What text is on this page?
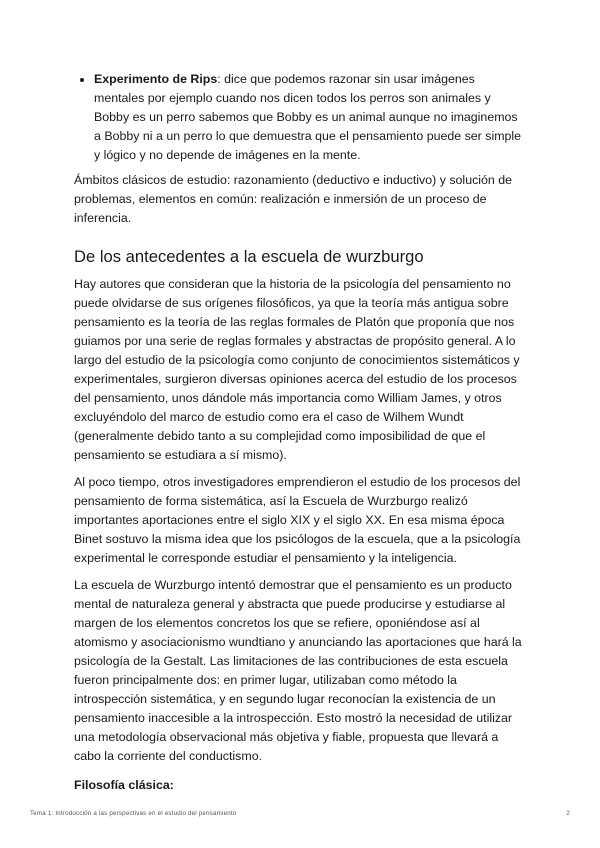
Experimento de Rips: dice que podemos razonar sin usar imágenes mentales por ejemplo cuando nos dicen todos los perros son animales y Bobby es un perro sabemos que Bobby es un animal aunque no imaginemos a Bobby ni a un perro lo que demuestra que el pensamiento puede ser simple y lógico y no depende de imágenes en la mente.

Ámbitos clásicos de estudio: razonamiento (deductivo e inductivo) y solución de problemas, elementos en común: realización e inmersión de un proceso de inferencia.

De los antecedentes a la escuela de wurzburgo

Hay autores que consideran que la historia de la psicología del pensamiento no puede olvidarse de sus orígenes filosóficos, ya que la teoría más antigua sobre pensamiento es la teoría de las reglas formales de Platón que proponía que nos guiamos por una serie de reglas formales y abstractas de propósito general. A lo largo del estudio de la psicología como conjunto de conocimientos sistemáticos y experimentales, surgieron diversas opiniones acerca del estudio de los procesos del pensamiento, unos dándole más importancia como William James, y otros excluyéndolo del marco de estudio como era el caso de Wilhem Wundt (generalmente debido tanto a su complejidad como imposibilidad de que el pensamiento se estudiara a sí mismo).

Al poco tiempo, otros investigadores emprendieron el estudio de los procesos del pensamiento de forma sistemática, así la Escuela de Wurzburgo realizó importantes aportaciones entre el siglo XIX y el siglo XX. En esa misma época Binet sostuvo la misma idea que los psicólogos de la escuela, que a la psicología experimental le corresponde estudiar el pensamiento y la inteligencia.

La escuela de Wurzburgo intentó demostrar que el pensamiento es un producto mental de naturaleza general y abstracta que puede producirse y estudiarse al margen de los elementos concretos los que se refiere, oponiéndose así al atomismo y asociacionismo wundtiano y anunciando las aportaciones que hará la psicología de la Gestalt. Las limitaciones de las contribuciones de esta escuela fueron principalmente dos: en primer lugar, utilizaban como método la introspección sistemática, y en segundo lugar reconocían la existencia de un pensamiento inaccesible a la introspección. Esto mostró la necesidad de utilizar una metodología observacional más objetiva y fiable, propuesta que llevará a cabo la corriente del conductismo.

Filosofía clásica:

Tema 1: Introducción a las perspectivas en el estudio del pensamiento	2
